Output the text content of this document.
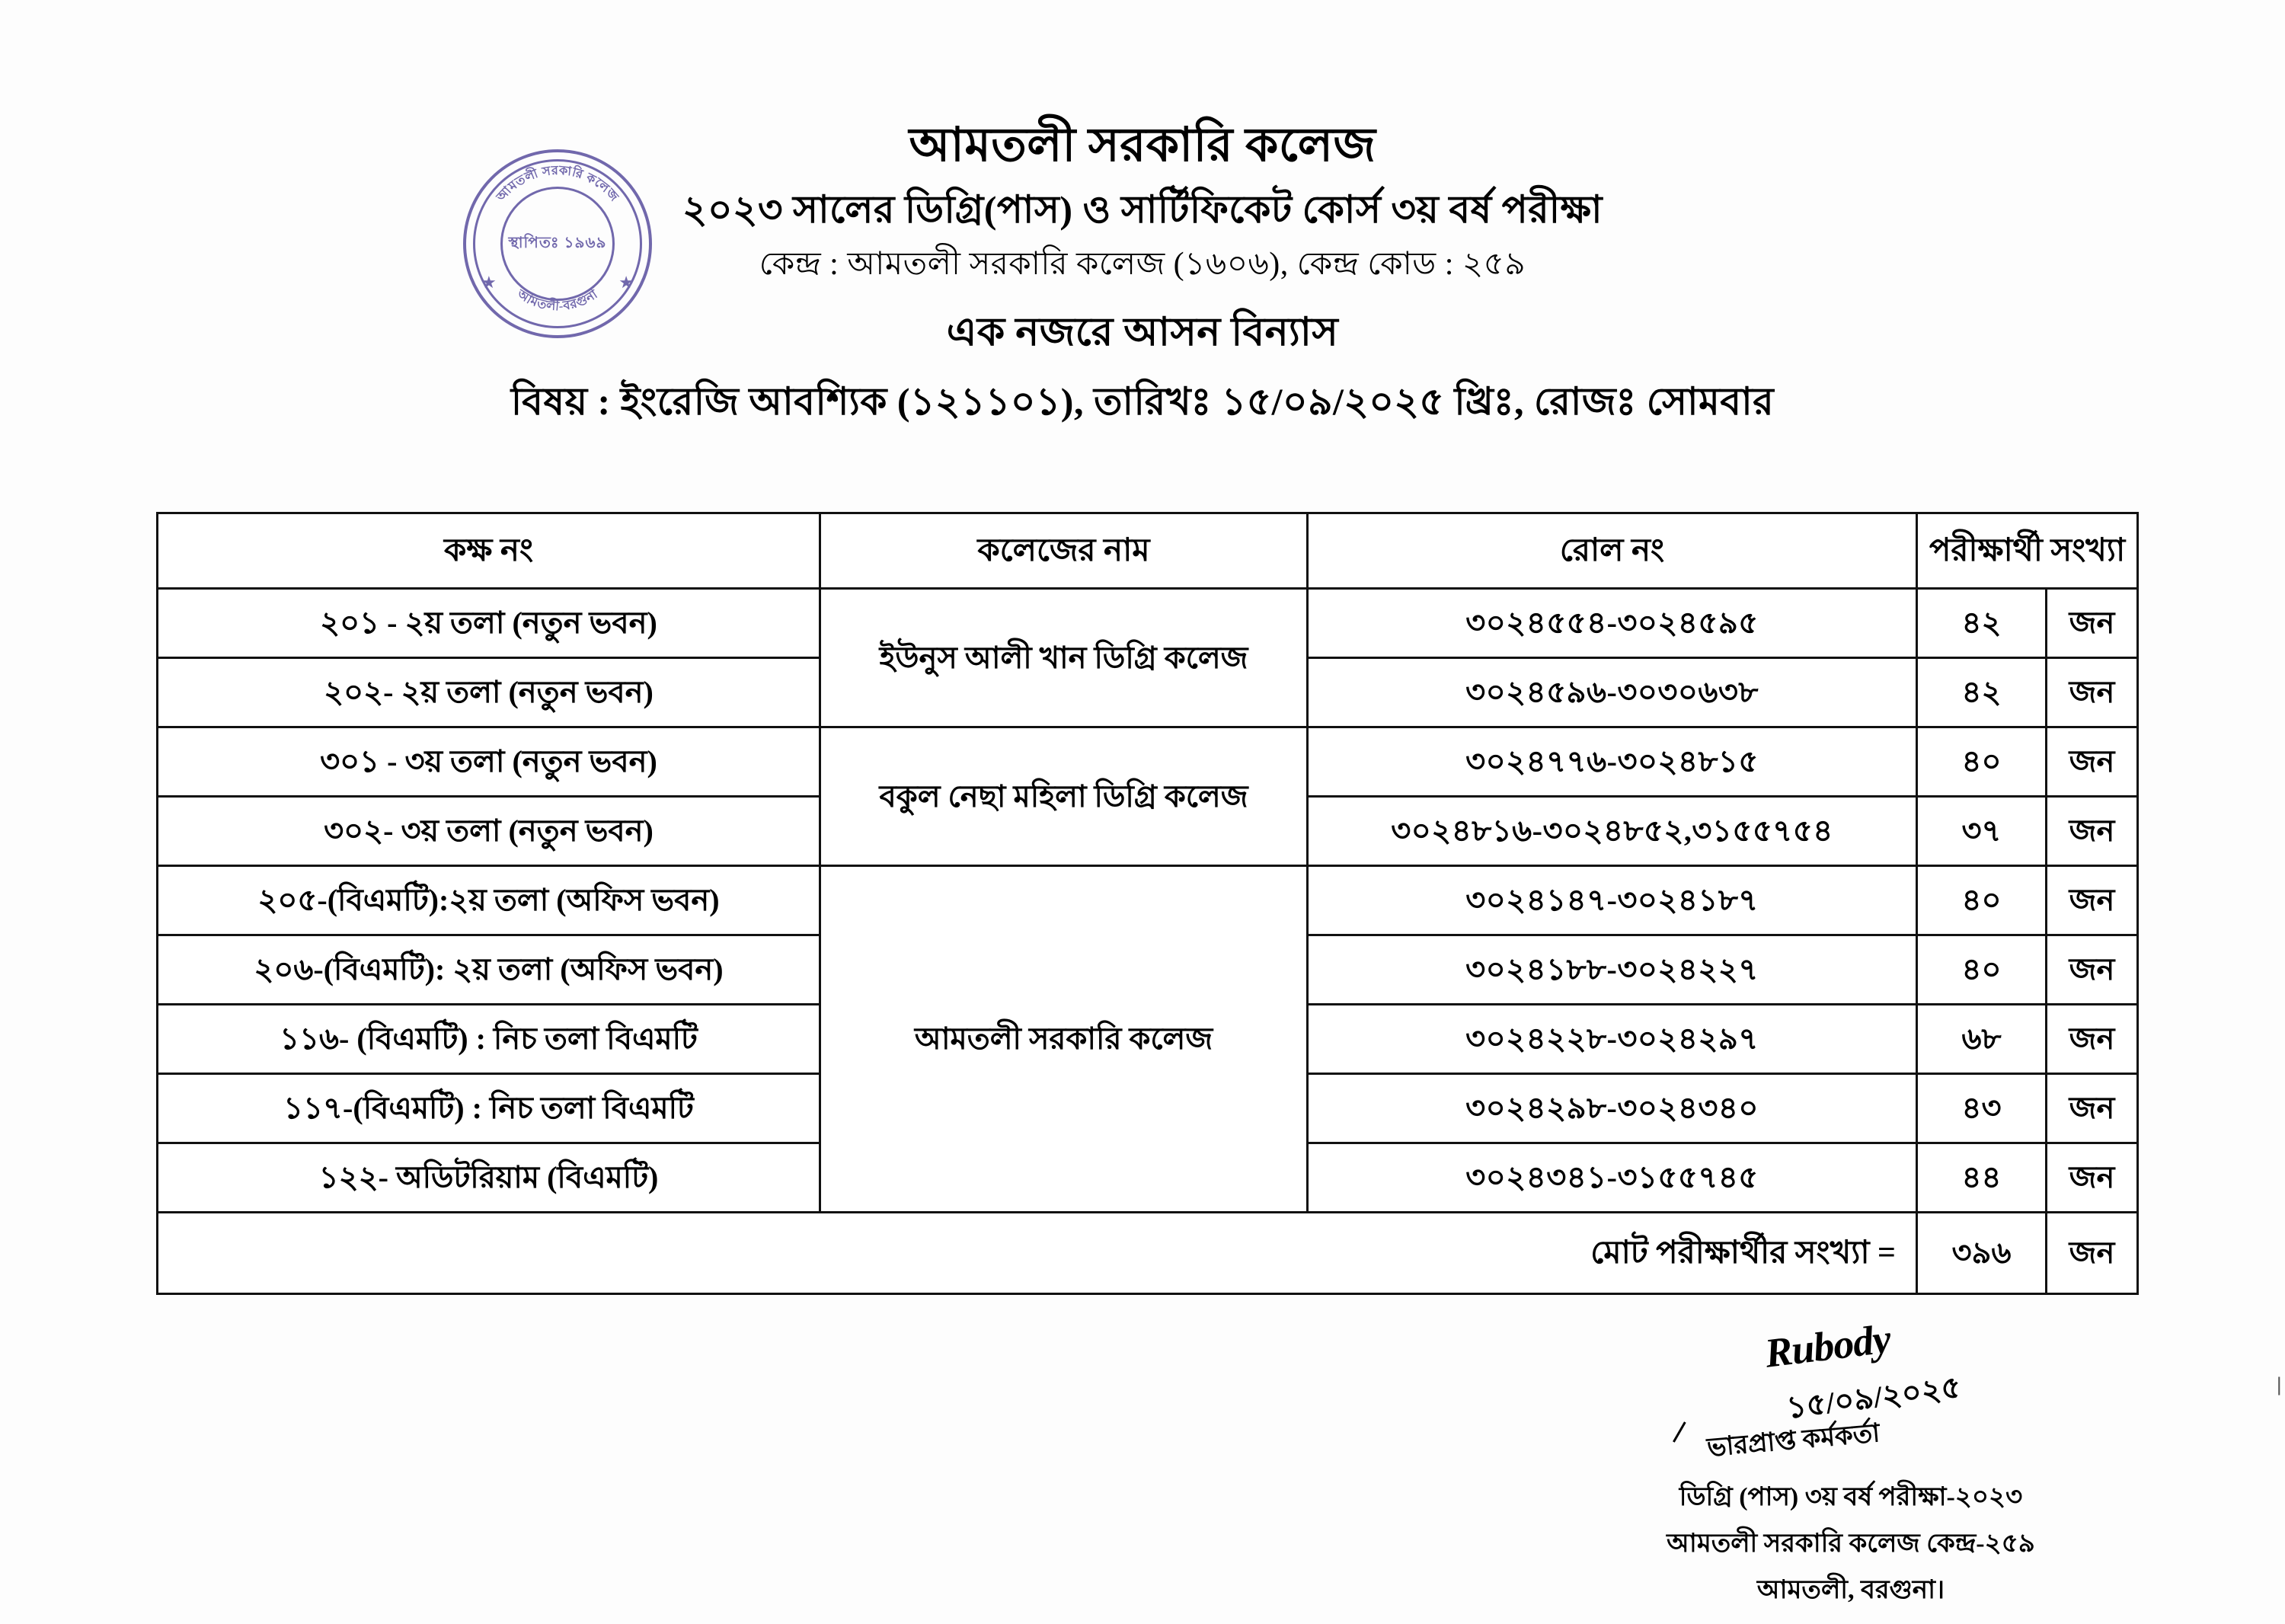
আমতলী সরকারি কলেজ
আমতলী-বরগুনা
★	★
স্থাপিতঃ ১৯৬৯
আমতলী সরকারি কলেজ
২০২৩ সালের ডিগ্রি(পাস) ও সার্টিফিকেট কোর্স ৩য় বর্ষ পরীক্ষা
কেন্দ্র : আমতলী সরকারি কলেজ (১৬০৬), কেন্দ্র কোড : ২৫৯
এক নজরে আসন বিন্যাস
বিষয় : ইংরেজি আবশ্যিক (১২১১০১), তারিখঃ ১৫/০৯/২০২৫ খ্রিঃ, রোজঃ সোমবার
কক্ষ নং	কলেজের নাম	রোল নং	পরীক্ষার্থী সংখ্যা	
২০১ - ২য় তলা (নতুন ভবন)	ইউনুস আলী খান ডিগ্রি কলেজ	৩০২৪৫৫৪-৩০২৪৫৯৫	৪২	জন
২০২- ২য় তলা (নতুন ভবন)		৩০২৪৫৯৬-৩০৩০৬৩৮	৪২	জন
৩০১ - ৩য় তলা (নতুন ভবন)	বকুল নেছা মহিলা ডিগ্রি কলেজ	৩০২৪৭৭৬-৩০২৪৮১৫	৪০	জন
৩০২- ৩য় তলা (নতুন ভবন)		৩০২৪৮১৬-৩০২৪৮৫২,৩১৫৫৭৫৪	৩৭	জন
২০৫-(বিএমটি):২য় তলা (অফিস ভবন)	আমতলী সরকারি কলেজ	৩০২৪১৪৭-৩০২৪১৮৭	৪০	জন
২০৬-(বিএমটি): ২য় তলা (অফিস ভবন)		৩০২৪১৮৮-৩০২৪২২৭	৪০	জন
১১৬- (বিএমটি) : নিচ তলা বিএমটি		৩০২৪২২৮-৩০২৪২৯৭	৬৮	জন
১১৭-(বিএমটি) : নিচ তলা বিএমটি		৩০২৪২৯৮-৩০২৪৩৪০	৪৩	জন
১২২- অডিটরিয়াম (বিএমটি)		৩০২৪৩৪১-৩১৫৫৭৪৫	৪৪	জন
মোট পরীক্ষার্থীর সংখ্যা =			৩৯৬	জন
Rubody
১৫/০৯/২০২৫
ভারপ্রাপ্ত কর্মকর্তা
ডিগ্রি (পাস) ৩য় বর্ষ পরীক্ষা-২০২৩
আমতলী সরকারি কলেজ কেন্দ্র-২৫৯
আমতলী, বরগুনা।
∣
